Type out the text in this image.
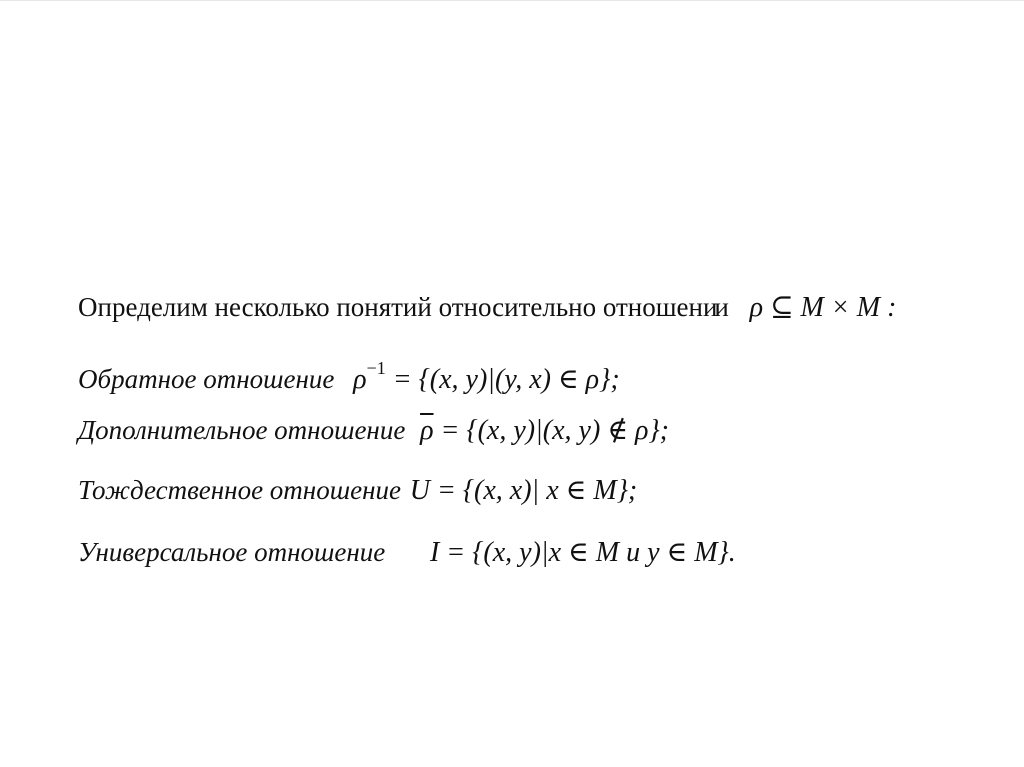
Определим несколько понятий относительно отношении ρ ⊆ M × M :
Обратное отношение $\rho^{-1} = \{(x$, y)|(y, x) ∈ ρ};
Дополнительное отношение $\overline{\rho} = \{(x$, y)|(x, y) ∉ ρ};
Тождественное отношение U = {(x, x)| x ∈ M};
Универсальное отношение I = {(x, y)|x ∈ M и y ∈ M}.
